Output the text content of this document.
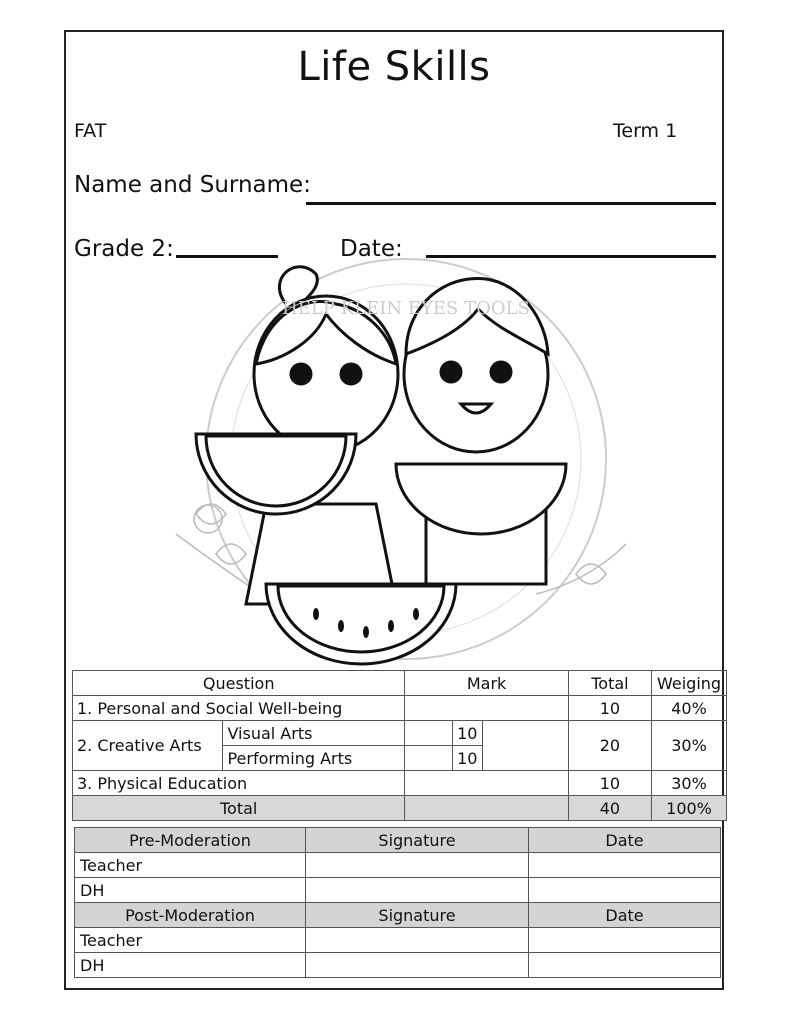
Life Skills
FAT	Term 1
Name and Surname:
Grade 2:	Date:
HELP KLEIN EYES TOOLS
Question		Mark			Total	Weiging
1. Personal and Social Well-being					10	40%
2. Creative Arts	Visual Arts		10		20	30%
	Performing Arts		10			
3. Physical Education					10	30%
Total					40	100%
Pre-Moderation	Signature	Date
Teacher		
DH		
Post-Moderation	Signature	Date
Teacher		
DH		
